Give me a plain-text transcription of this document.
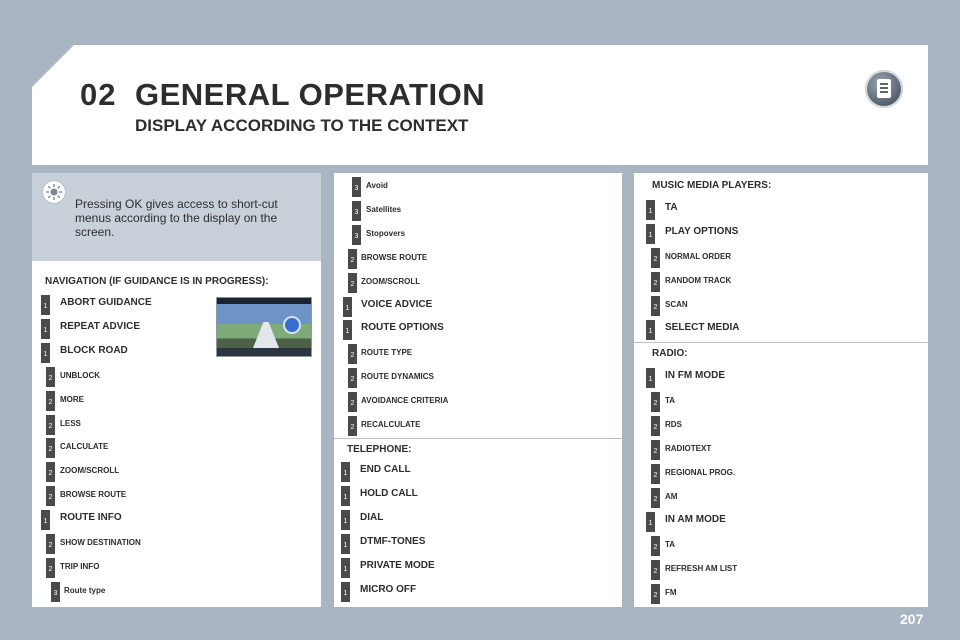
02 GENERAL OPERATION
DISPLAY ACCORDING TO THE CONTEXT
Pressing OK gives access to short-cut menus according to the display on the screen.
NAVIGATION (IF GUIDANCE IS IN PROGRESS):
1 ABORT GUIDANCE
1 REPEAT ADVICE
1 BLOCK ROAD
2 UNBLOCK
2 MORE
2 LESS
2 CALCULATE
2 ZOOM/SCROLL
2 BROWSE ROUTE
1 ROUTE INFO
2 SHOW DESTINATION
2 TRIP INFO
3 Route type
3 Avoid
3 Satellites
3 Stopovers
2 BROWSE ROUTE
2 ZOOM/SCROLL
1 VOICE ADVICE
1 ROUTE OPTIONS
2 ROUTE TYPE
2 ROUTE DYNAMICS
2 AVOIDANCE CRITERIA
2 RECALCULATE
TELEPHONE:
1 END CALL
1 HOLD CALL
1 DIAL
1 DTMF-TONES
1 PRIVATE MODE
1 MICRO OFF
MUSIC MEDIA PLAYERS:
1 TA
1 PLAY OPTIONS
2 NORMAL ORDER
2 RANDOM TRACK
2 SCAN
1 SELECT MEDIA
RADIO:
1 IN FM MODE
2 TA
2 RDS
2 RADIOTEXT
2 REGIONAL PROG.
2 AM
1 IN AM MODE
2 TA
2 REFRESH AM LIST
2 FM
207
